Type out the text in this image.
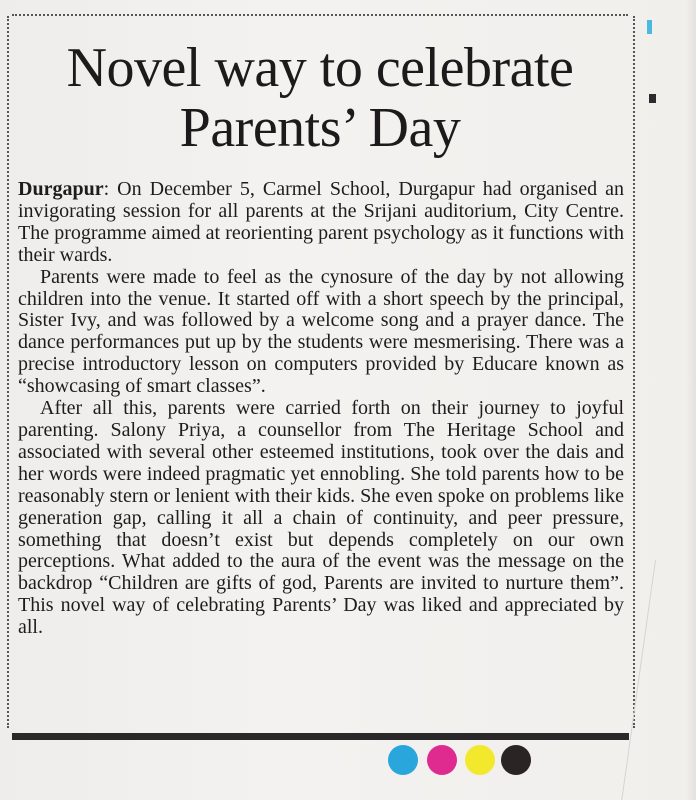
Novel way to celebrate
Parents’ Day

Durgapur: On December 5, Carmel School, Durgapur had organised an invigorating session for all parents at the Srijani auditorium, City Centre. The programme aimed at reorienting parent psychology as it functions with their wards.

Parents were made to feel as the cynosure of the day by not allowing children into the venue. It started off with a short speech by the principal, Sister Ivy, and was followed by a welcome song and a prayer dance. The dance performances put up by the students were mesmerising. There was a precise introductory lesson on computers provided by Educare known as “showcasing of smart classes”.

After all this, parents were carried forth on their journey to joyful parenting. Salony Priya, a counsellor from The Heritage School and associated with several other esteemed institutions, took over the dais and her words were indeed pragmatic yet ennobling. She told parents how to be reasonably stern or lenient with their kids. She even spoke on problems like generation gap, calling it all a chain of continuity, and peer pressure, something that doesn’t exist but depends completely on our own perceptions. What added to the aura of the event was the message on the backdrop “Children are gifts of god, Parents are invited to nurture them”. This novel way of celebrating Parents’ Day was liked and appreciated by all.
